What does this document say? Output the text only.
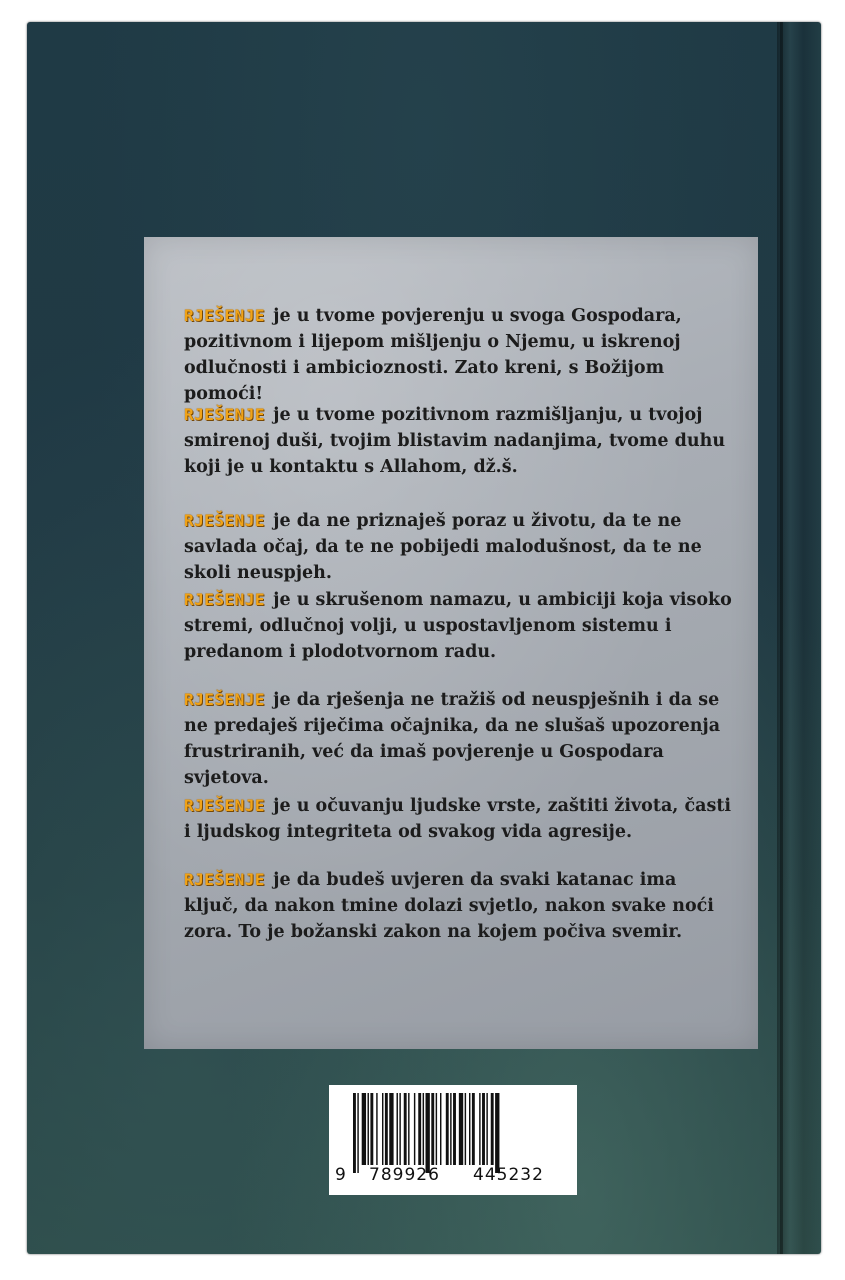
RJEŠENJE je u tvome povjerenju u svoga Gospodara, pozitivnom i lijepom mišljenju o Njemu, u iskrenoj odlučnosti i ambicioznosti. Zato kreni, s Božijom pomoći!

RJEŠENJE je u tvome pozitivnom razmišljanju, u tvojoj smirenoj duši, tvojim blistavim nadanjima, tvome duhu koji je u kontaktu s Allahom, dž.š.

RJEŠENJE je da ne priznaješ poraz u životu, da te ne savlada očaj, da te ne pobijedi malodušnost, da te ne skoli neuspjeh.

RJEŠENJE je u skrušenom namazu, u ambiciji koja visoko stremi, odlučnoj volji, u uspostavljenom sistemu i predanom i plodotvornom radu.

RJEŠENJE je da rješenja ne tražiš od neuspješnih i da se ne predaješ riječima očajnika, da ne slušaš upozorenja frustriranih, već da imaš povjerenje u Gospodara svjetova.

RJEŠENJE je u očuvanju ljudske vrste, zaštiti života, časti i ljudskog integriteta od svakog vida agresije.

RJEŠENJE je da budeš uvjeren da svaki katanac ima ključ, da nakon tmine dolazi svjetlo, nakon svake noći zora. To je božanski zakon na kojem počiva svemir.

9 789926 445232
